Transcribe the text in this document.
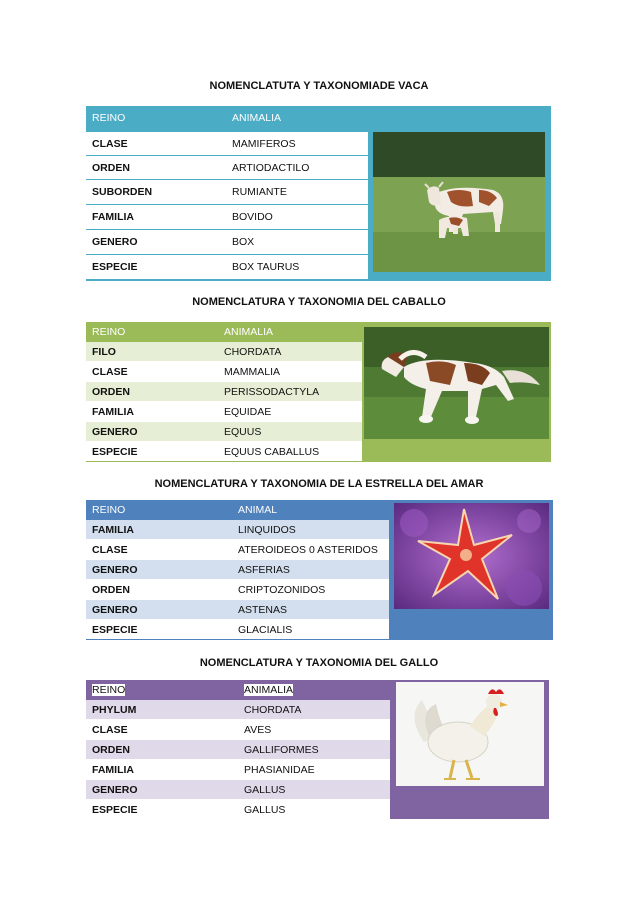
NOMENCLATUTA Y TAXONOMIADE VACA
REINO	ANIMALIA
CLASE	MAMIFEROS
ORDEN	ARTIODACTILO
SUBORDEN	RUMIANTE
FAMILIA	BOVIDO
GENERO	BOX
ESPECIE	BOX TAURUS
NOMENCLATURA Y TAXONOMIA DEL CABALLO
REINO	ANIMALIA
FILO	CHORDATA
CLASE	MAMMALIA
ORDEN	PERISSODACTYLA
FAMILIA	EQUIDAE
GENERO	EQUUS
ESPECIE	EQUUS CABALLUS
NOMENCLATURA Y TAXONOMIA DE LA ESTRELLA DEL AMAR
REINO	ANIMAL
FAMILIA	LINQUIDOS
CLASE	ATEROIDEOS 0 ASTERIDOS
GENERO	ASFERIAS
ORDEN	CRIPTOZONIDOS
GENERO	ASTENAS
ESPECIE	GLACIALIS
NOMENCLATURA Y TAXONOMIA DEL GALLO
REINO	ANIMALIA
PHYLUM	CHORDATA
CLASE	AVES
ORDEN	GALLIFORMES
FAMILIA	PHASIANIDAE
GENERO	GALLUS
ESPECIE	GALLUS
